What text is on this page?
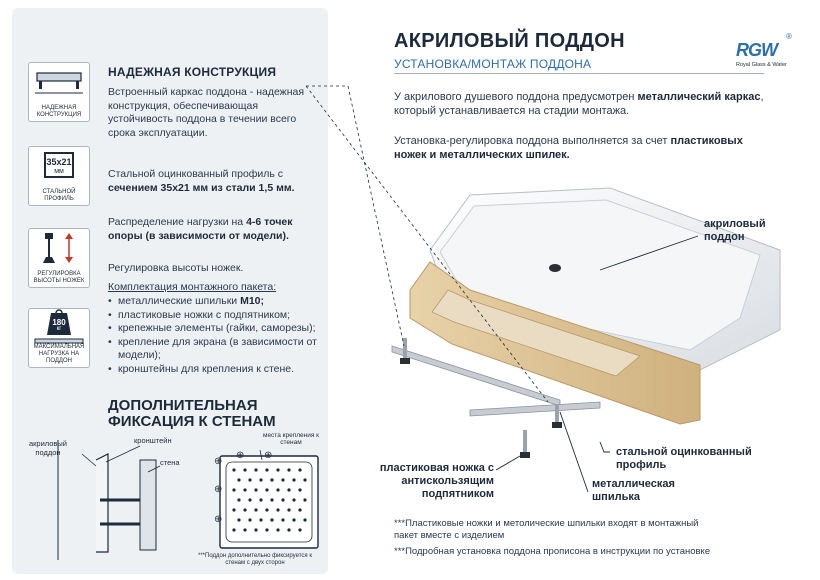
НАДЕЖНАЯ КОНСТРУКЦИЯ
НАДЕЖНАЯ КОНСТРУКЦИЯ
Встроенный каркас поддона - надежная конструкция, обеспечивающая устойчивость поддона в течении всего срока эксплуатации.
35x21
мм
СТАЛЬНОЙ ПРОФИЛЬ
Стальной оцинкованный профиль с сечением 35х21 мм из стали 1,5 мм.
РЕГУЛИРОВКА ВЫСОТЫ НОЖЕК
Распределение нагрузки на 4-6 точек опоры (в зависимости от модели).
Регулировка высоты ножек.
180
кг
МАКСИМАЛЬНАЯ НАГРУЗКА НА ПОДДОН
Комплектация монтажного пакета:
• металлические шпильки М10;
• пластиковые ножки с подпятником;
• крепежные элементы (гайки, саморезы);
• крепление для экрана (в зависимости от модели);
• кронштейны для крепления к стене.
ДОПОЛНИТЕЛЬНАЯ
ФИКСАЦИЯ К СТЕНАМ
⊕
⊕
⊕
⊕ ⊕
акриловый поддон
кронштейн
стена
места крепления к стенам
***Поддон дополнительно фиксируется к стенам с двух сторон
АКРИЛОВЫЙ ПОДДОН
УСТАНОВКА/МОНТАЖ ПОДДОНА
RGW
®
Royal Glass & Water
У акрилового душевого поддона предусмотрен металлический каркас, который устанавливается на стадии монтажа.
Установка-регулировка поддона выполняется за счет пластиковых ножек и металлических шпилек.
акриловый поддон
стальной оцинкованный профиль
пластиковая ножка с антискользящим подпятником
металлическая шпилька
***Пластиковые ножки и метолические шпильки входят в монтажный пакет вместе с изделием
***Подробная установка поддона прописона в инструкции по установке
